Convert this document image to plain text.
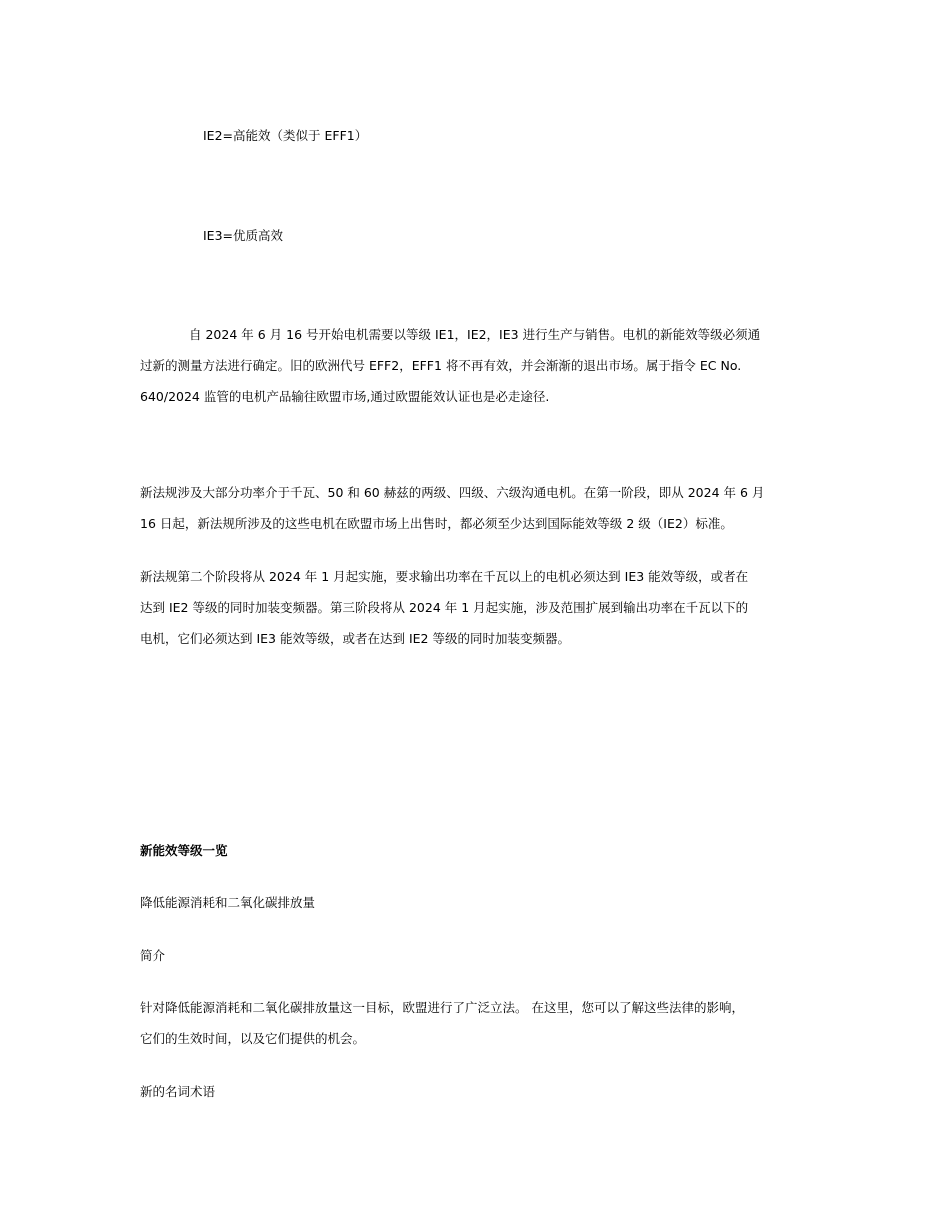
IE2=高能效（类似于 EFF1）
IE3=优质高效
自 2024 年 6 月 16 号开始电机需要以等级 IE1，IE2，IE3 进行生产与销售。电机的新能效等级必须通
过新的测量方法进行确定。旧的欧洲代号 EFF2，EFF1 将不再有效，并会渐渐的退出市场。属于指令 EC No.
640/2024 监管的电机产品输往欧盟市场,通过欧盟能效认证也是必走途径.
新法规涉及大部分功率介于千瓦、50 和 60 赫兹的两级、四级、六级沟通电机。在第一阶段，即从 2024 年 6 月
16 日起，新法规所涉及的这些电机在欧盟市场上出售时，都必须至少达到国际能效等级 2 级（IE2）标准。
新法规第二个阶段将从 2024 年 1 月起实施，要求输出功率在千瓦以上的电机必须达到 IE3 能效等级，或者在
达到 IE2 等级的同时加装变频器。第三阶段将从 2024 年 1 月起实施，涉及范围扩展到输出功率在千瓦以下的
电机，它们必须达到 IE3 能效等级，或者在达到 IE2 等级的同时加装变频器。
新能效等级一览
降低能源消耗和二氧化碳排放量
简介
针对降低能源消耗和二氧化碳排放量这一目标，欧盟进行了广泛立法。 在这里，您可以了解这些法律的影响，
它们的生效时间，以及它们提供的机会。
新的名词术语
